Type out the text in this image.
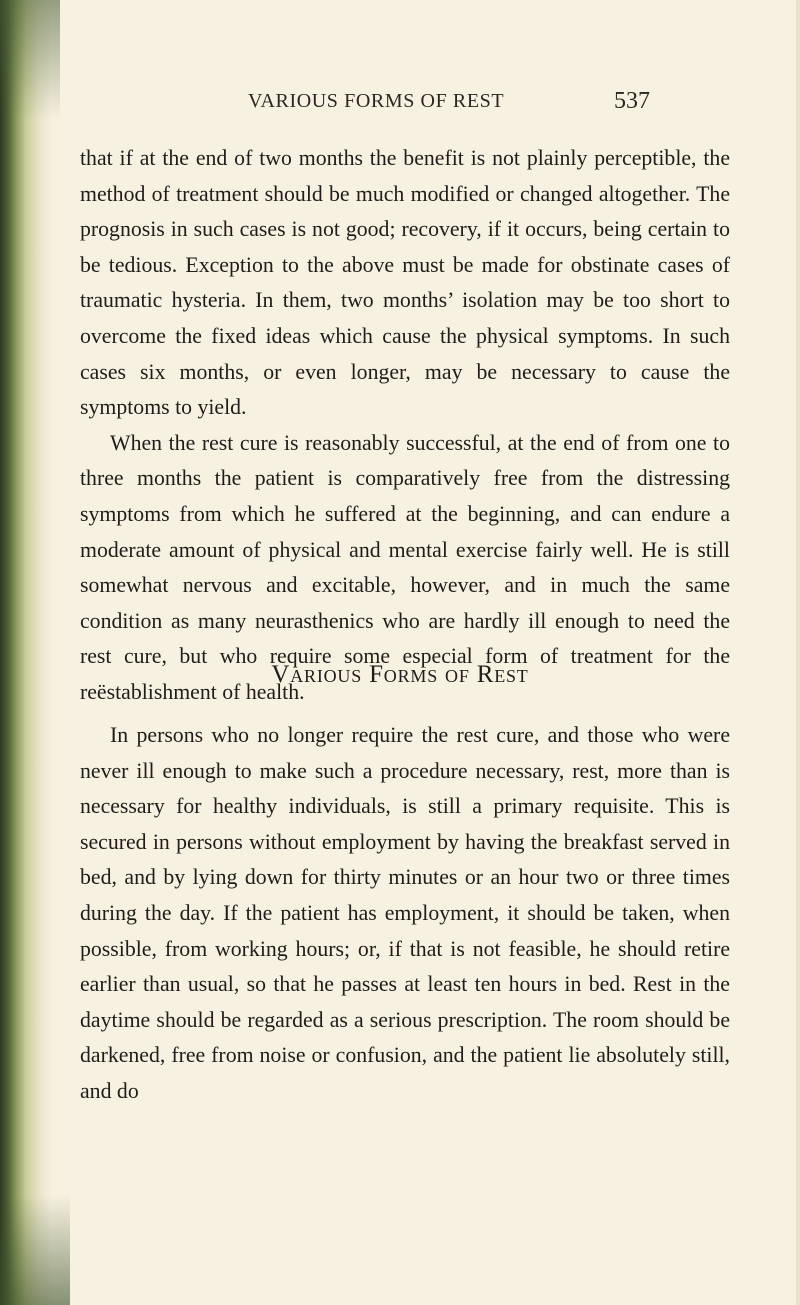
VARIOUS FORMS OF REST	537

that if at the end of two months the benefit is not plainly perceptible, the method of treatment should be much modified or changed altogether. The prognosis in such cases is not good; recovery, if it occurs, being certain to be tedious. Exception to the above must be made for obstinate cases of traumatic hysteria. In them, two months’ isolation may be too short to overcome the fixed ideas which cause the physical symptoms. In such cases six months, or even longer, may be necessary to cause the symptoms to yield.

When the rest cure is reasonably successful, at the end of from one to three months the patient is comparatively free from the distressing symptoms from which he suffered at the beginning, and can endure a moderate amount of physical and mental exercise fairly well. He is still somewhat nervous and excitable, however, and in much the same condition as many neurasthenics who are hardly ill enough to need the rest cure, but who require some especial form of treatment for the reëstablishment of health.

Various Forms of Rest

In persons who no longer require the rest cure, and those who were never ill enough to make such a procedure necessary, rest, more than is necessary for healthy individuals, is still a primary requisite. This is secured in persons without employment by having the breakfast served in bed, and by lying down for thirty minutes or an hour two or three times during the day. If the patient has employment, it should be taken, when possible, from working hours; or, if that is not feasible, he should retire earlier than usual, so that he passes at least ten hours in bed. Rest in the daytime should be regarded as a serious prescription. The room should be darkened, free from noise or confusion, and the patient lie absolutely still, and do
